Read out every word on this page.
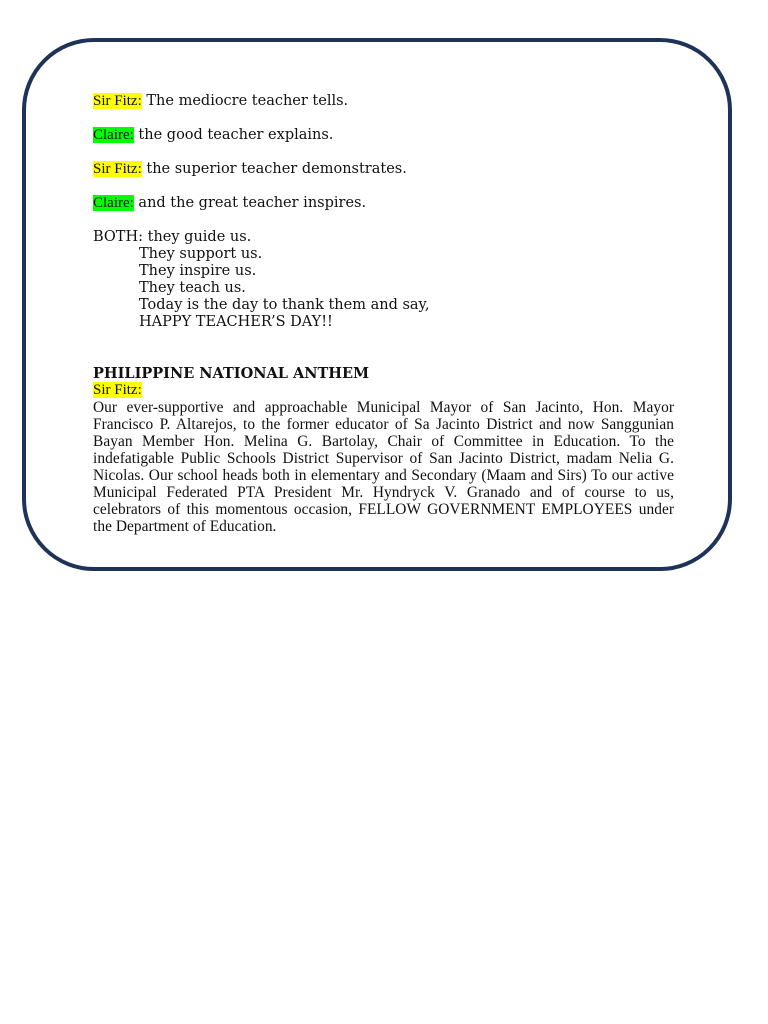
Sir Fitz: The mediocre teacher tells.

Claire: the good teacher explains.

Sir Fitz: the superior teacher demonstrates.

Claire: and the great teacher inspires.

BOTH: they guide us.

They support us.

They inspire us.

They teach us.

Today is the day to thank them and say,

HAPPY TEACHER’S DAY!!

PHILIPPINE NATIONAL ANTHEM

Sir Fitz:

Our ever-supportive and approachable Municipal Mayor of San Jacinto, Hon. Mayor Francisco P. Altarejos, to the former educator of Sa Jacinto District and now Sanggunian Bayan Member Hon. Melina G. Bartolay, Chair of Committee in Education. To the indefatigable Public Schools District Supervisor of San Jacinto District, madam Nelia G. Nicolas. Our school heads both in elementary and Secondary (Maam and Sirs) To our active Municipal Federated PTA President Mr. Hyndryck V. Granado and of course to us, celebrators of this momentous occasion, FELLOW GOVERNMENT EMPLOYEES under the Department of Education.
